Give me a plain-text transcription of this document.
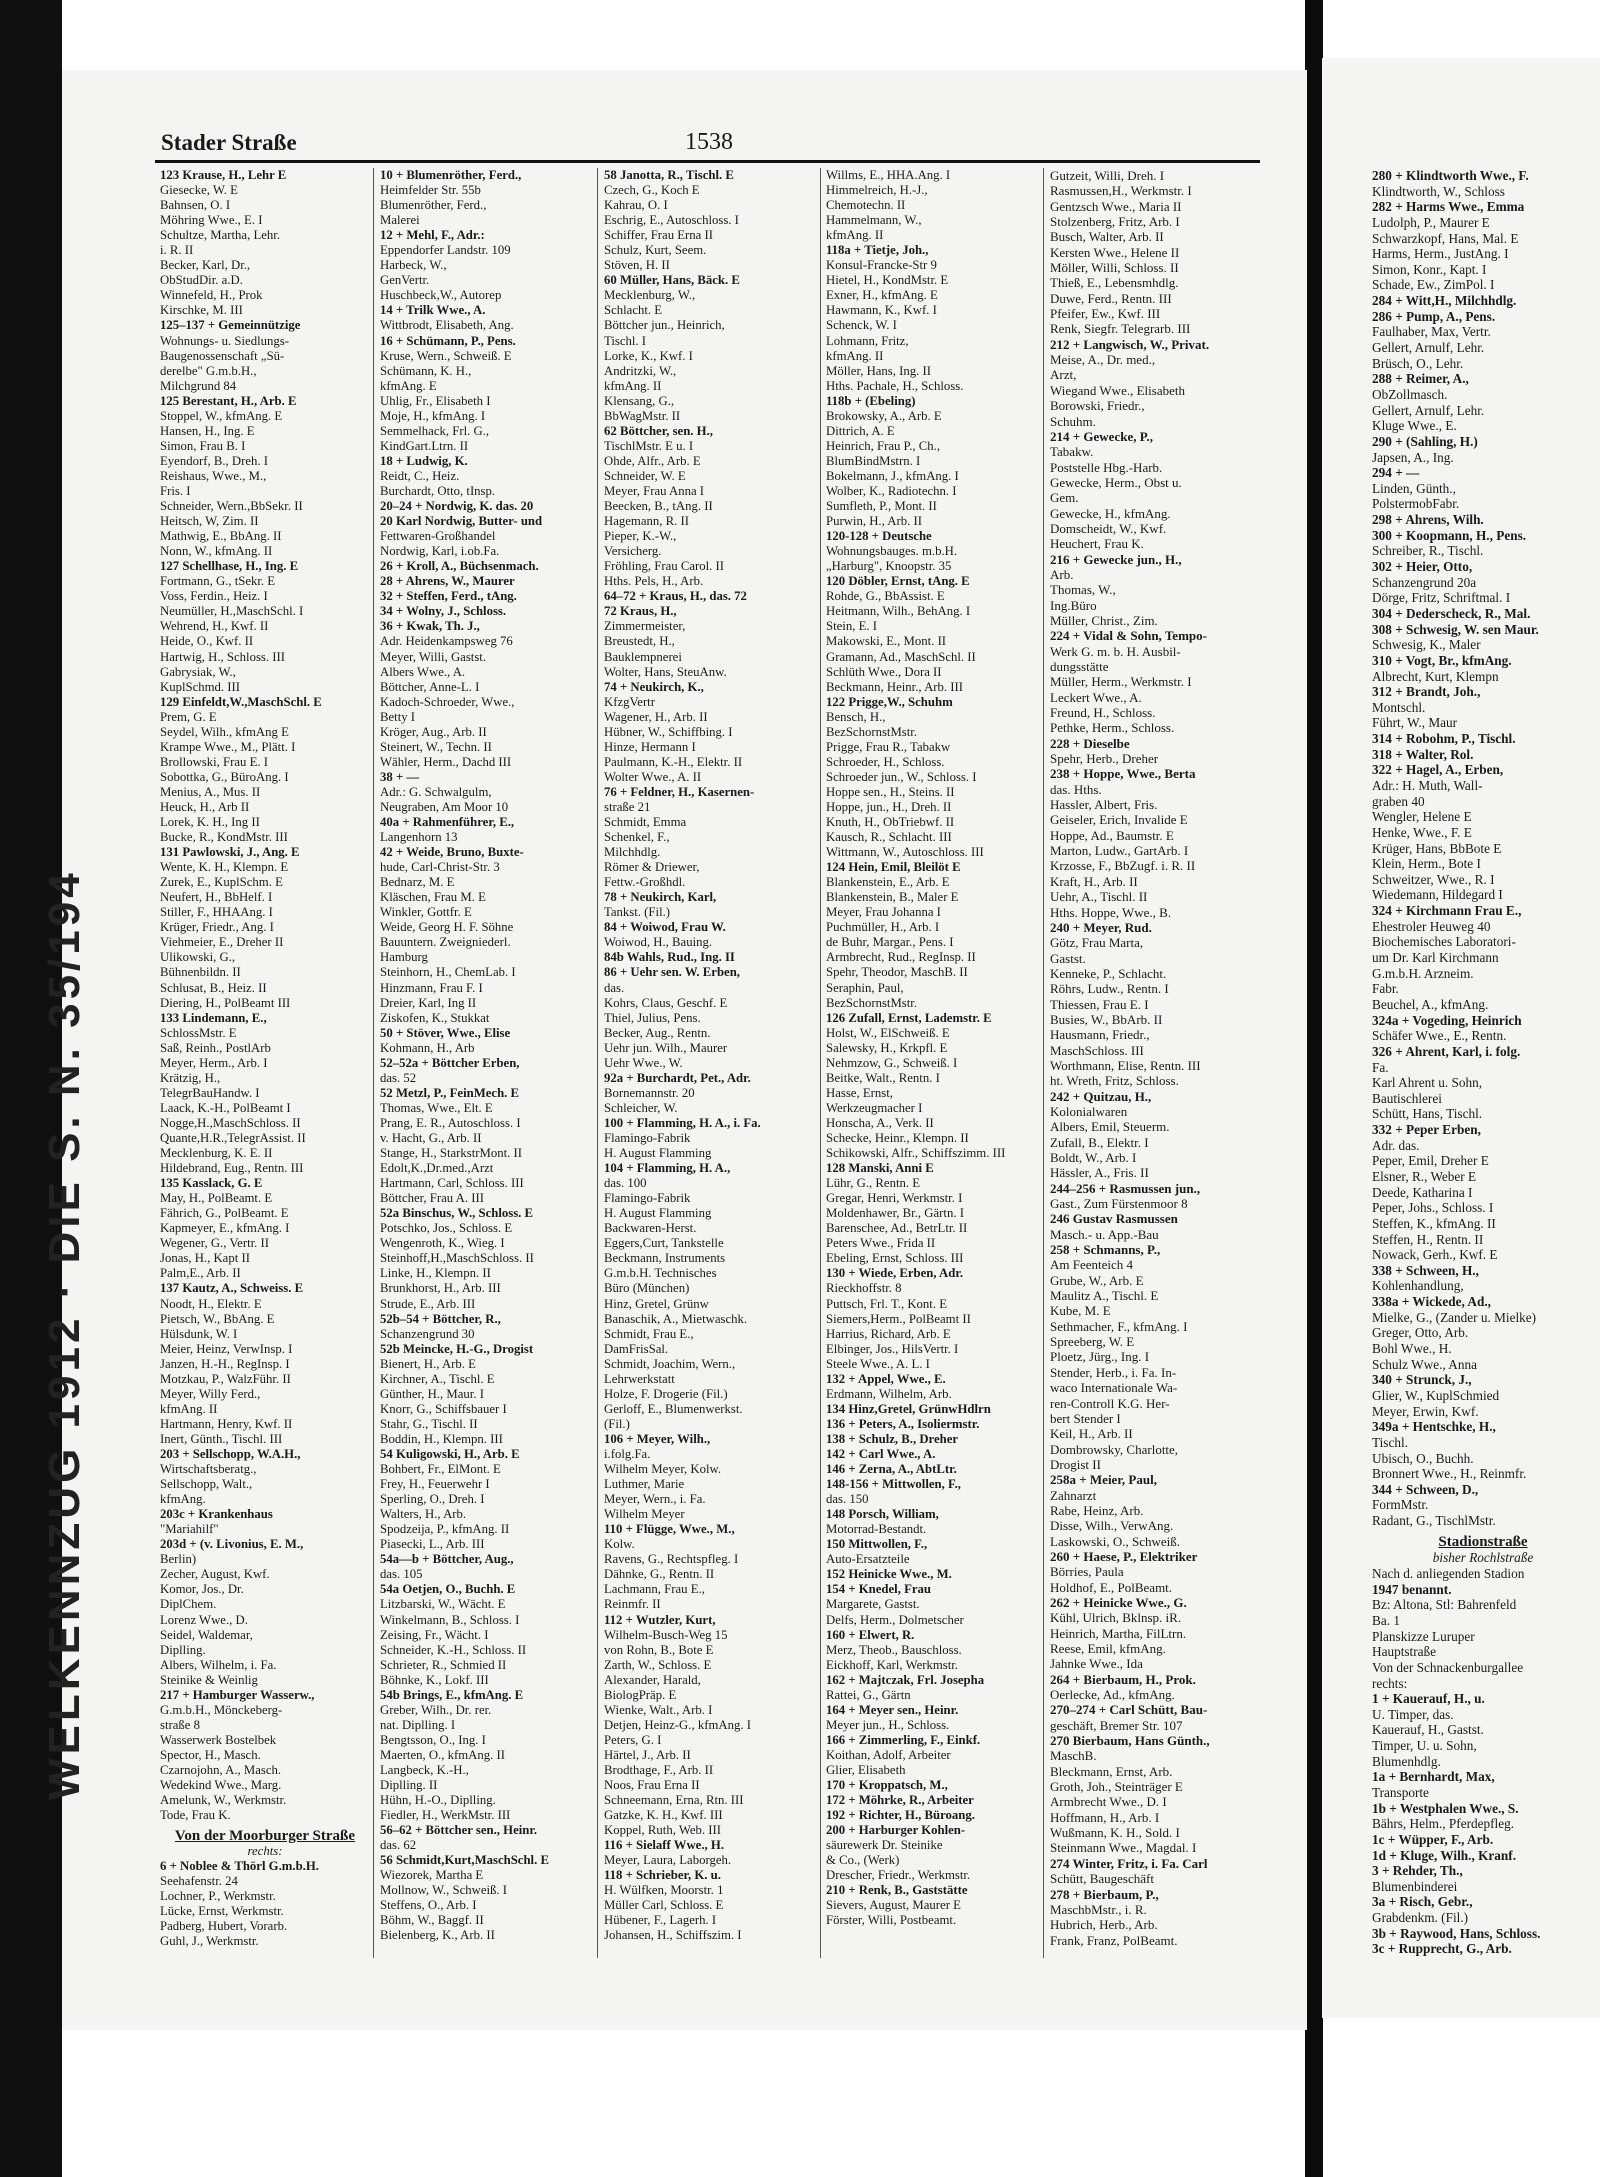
WELKENNZUG 1912 · DIE S. N. 35/194
Stader Straße	1538
123 Krause, H., Lehr E
Giesecke, W. E
Bahnsen, O. I
Möhring Wwe., E. I
Schultze, Martha, Lehr.
i. R. II
Becker, Karl, Dr.,
ObStudDir. a.D.
Winnefeld, H., Prok
Kirschke, M. III
125–137 + Gemeinnützige
Wohnungs- u. Siedlungs-
Baugenossenschaft „Sü-
derelbe" G.m.b.H.,
Milchgrund 84
125 Berestant, H., Arb. E
Stoppel, W., kfmAng. E
Hansen, H., Ing. E
Simon, Frau B. I
Eyendorf, B., Dreh. I
Reishaus, Wwe., M.,
Fris. I
Schneider, Wern.,BbSekr. II
Heitsch, W, Zim. II
Mathwig, E., BbAng. II
Nonn, W., kfmAng. II
127 Schellhase, H., Ing. E
Fortmann, G., tSekr. E
Voss, Ferdin., Heiz. I
Neumüller, H.,MaschSchl. I
Wehrend, H., Kwf. II
Heide, O., Kwf. II
Hartwig, H., Schloss. III
Gabrysiak, W.,
KuplSchmd. III
129 Einfeldt,W.,MaschSchl. E
Prem, G. E
Seydel, Wilh., kfmAng E
Krampe Wwe., M., Plätt. I
Brollowski, Frau E. I
Sobottka, G., BüroAng. I
Menius, A., Mus. II
Heuck, H., Arb II
Lorek, K. H., Ing II
Bucke, R., KondMstr. III
131 Pawlowski, J., Ang. E
Wente, K. H., Klempn. E
Zurek, E., KuplSchm. E
Neufert, H., BbHelf. I
Stiller, F., HHAAng. I
Krüger, Friedr., Ang. I
Viehmeier, E., Dreher II
Ulikowski, G.,
Bühnenbildn. II
Schlusat, B., Heiz. II
Diering, H., PolBeamt III
133 Lindemann, E.,
SchlossMstr. E
Saß, Reinh., PostlArb
Meyer, Herm., Arb. I
Krätzig, H.,
TelegrBauHandw. I
Laack, K.-H., PolBeamt I
Nogge,H.,MaschSchloss. II
Quante,H.R.,TelegrAssist. II
Mecklenburg, K. E. II
Hildebrand, Eug., Rentn. III
135 Kasslack, G. E
May, H., PolBeamt. E
Fährich, G., PolBeamt. E
Kapmeyer, E., kfmAng. I
Wegener, G., Vertr. II
Jonas, H., Kapt II
Palm,E., Arb. II
137 Kautz, A., Schweiss. E
Noodt, H., Elektr. E
Pietsch, W., BbAng. E
Hülsdunk, W. I
Meier, Heinz, VerwInsp. I
Janzen, H.-H., RegInsp. I
Motzkau, P., WalzFühr. II
Meyer, Willy Ferd.,
kfmAng. II
Hartmann, Henry, Kwf. II
Inert, Günth., Tischl. III
203 + Sellschopp, W.A.H.,
Wirtschaftsberatg.,
Sellschopp, Walt.,
kfmAng.
203c + Krankenhaus
"Mariahilf"
203d + (v. Livonius, E. M.,
Berlin)
Zecher, August, Kwf.
Komor, Jos., Dr.
DiplChem.
Lorenz Wwe., D.
Seidel, Waldemar,
Diplling.
Albers, Wilhelm, i. Fa.
Steinike & Weinlig
217 + Hamburger Wasserw.,
G.m.b.H., Mönckeberg-
straße 8
Wasserwerk Bostelbek
Spector, H., Masch.
Czarnojohn, A., Masch.
Wedekind Wwe., Marg.
Amelunk, W., Werkmstr.
Tode, Frau K.
Von der Moorburger Straße
rechts:
6 + Noblee & Thörl G.m.b.H.
Seehafenstr. 24
Lochner, P., Werkmstr.
Lücke, Ernst, Werkmstr.
Padberg, Hubert, Vorarb.
Guhl, J., Werkmstr.
10 + Blumenröther, Ferd.,
Heimfelder Str. 55b
Blumenröther, Ferd.,
Malerei
12 + Mehl, F., Adr.:
Eppendorfer Landstr. 109
Harbeck, W.,
GenVertr.
Huschbeck,W., Autorep
14 + Trilk Wwe., A.
Wittbrodt, Elisabeth, Ang.
16 + Schümann, P., Pens.
Kruse, Wern., Schweiß. E
Schümann, K. H.,
kfmAng. E
Uhlig, Fr., Elisabeth I
Moje, H., kfmAng. I
Semmelhack, Frl. G.,
KindGart.Ltrn. II
18 + Ludwig, K.
Reidt, C., Heiz.
Burchardt, Otto, tInsp.
20–24 + Nordwig, K. das. 20
20 Karl Nordwig, Butter- und
Fettwaren-Großhandel
Nordwig, Karl, i.ob.Fa.
26 + Kroll, A., Büchsenmach.
28 + Ahrens, W., Maurer
32 + Steffen, Ferd., tAng.
34 + Wolny, J., Schloss.
36 + Kwak, Th. J.,
Adr. Heidenkampsweg 76
Meyer, Willi, Gastst.
Albers Wwe., A.
Böttcher, Anne-L. I
Kadoch-Schroeder, Wwe.,
Betty I
Kröger, Aug., Arb. II
Steinert, W., Techn. II
Wähler, Herm., Dachd III
38 + —
Adr.: G. Schwalgulm,
Neugraben, Am Moor 10
40a + Rahmenführer, E.,
Langenhorn 13
42 + Weide, Bruno, Buxte-
hude, Carl-Christ-Str. 3
Bednarz, M. E
Kläschen, Frau M. E
Winkler, Gottfr. E
Weide, Georg H. F. Söhne
Bauuntern. Zweigniederl.
Hamburg
Steinhorn, H., ChemLab. I
Hinzmann, Frau F. I
Dreier, Karl, Ing II
Ziskofen, K., Stukkat
50 + Stöver, Wwe., Elise
Kohmann, H., Arb
52–52a + Böttcher Erben,
das. 52
52 Metzl, P., FeinMech. E
Thomas, Wwe., Elt. E
Prang, E. R., Autoschloss. I
v. Hacht, G., Arb. II
Stange, H., StarkstrMont. II
Edolt,K.,Dr.med.,Arzt
Hartmann, Carl, Schloss. III
Böttcher, Frau A. III
52a Binschus, W., Schloss. E
Potschko, Jos., Schloss. E
Wengenroth, K., Wieg. I
Steinhoff,H.,MaschSchloss. II
Linke, H., Klempn. II
Brunkhorst, H., Arb. III
Strude, E., Arb. III
52b–54 + Böttcher, R.,
Schanzengrund 30
52b Meincke, H.-G., Drogist
Bienert, H., Arb. E
Kirchner, A., Tischl. E
Günther, H., Maur. I
Knorr, G., Schiffsbauer I
Stahr, G., Tischl. II
Boddin, H., Klempn. III
54 Kuligowski, H., Arb. E
Bohbert, Fr., ElMont. E
Frey, H., Feuerwehr I
Sperling, O., Dreh. I
Walters, H., Arb.
Spodzeija, P., kfmAng. II
Piasecki, L., Arb. III
54a—b + Böttcher, Aug.,
das. 105
54a Oetjen, O., Buchh. E
Litzbarski, W., Wächt. E
Winkelmann, B., Schloss. I
Zeising, Fr., Wächt. I
Schneider, K.-H., Schloss. II
Schrieter, R., Schmied II
Böhnke, K., Lokf. III
54b Brings, E., kfmAng. E
Greber, Wilh., Dr. rer.
nat. Diplling. I
Bengtsson, O., Ing. I
Maerten, O., kfmAng. II
Langbeck, K.-H.,
Diplling. II
Hühn, H.-O., Diplling.
Fiedler, H., WerkMstr. III
56–62 + Böttcher sen., Heinr.
das. 62
56 Schmidt,Kurt,MaschSchl. E
Wiezorek, Martha E
Mollnow, W., Schweiß. I
Steffens, O., Arb. I
Böhm, W., Baggf. II
Bielenberg, K., Arb. II
58 Janotta, R., Tischl. E
Czech, G., Koch E
Kahrau, O. I
Eschrig, E., Autoschloss. I
Schiffer, Frau Erna II
Schulz, Kurt, Seem.
Stöven, H. II
60 Müller, Hans, Bäck. E
Mecklenburg, W.,
Schlacht. E
Böttcher jun., Heinrich,
Tischl. I
Lorke, K., Kwf. I
Andritzki, W.,
kfmAng. II
Klensang, G.,
BbWagMstr. II
62 Böttcher, sen. H.,
TischlMstr. E u. I
Ohde, Alfr., Arb. E
Schneider, W. E
Meyer, Frau Anna I
Beecken, B., tAng. II
Hagemann, R. II
Pieper, K.-W.,
Versicherg.
Fröhling, Frau Carol. II
Hths. Pels, H., Arb.
64–72 + Kraus, H., das. 72
72 Kraus, H.,
Zimmermeister,
Breustedt, H.,
Bauklempnerei
Wolter, Hans, SteuAnw.
74 + Neukirch, K.,
KfzgVertr
Wagener, H., Arb. II
Hübner, W., Schiffbing. I
Hinze, Hermann I
Paulmann, K.-H., Elektr. II
Wolter Wwe., A. II
76 + Feldner, H., Kasernen-
straße 21
Schmidt, Emma
Schenkel, F.,
Milchhdlg.
Römer & Driewer,
Fettw.-Großhdl.
78 + Neukirch, Karl,
Tankst. (Fil.)
84 + Woiwod, Frau W.
Woiwod, H., Bauing.
84b Wahls, Rud., Ing. II
86 + Uehr sen. W. Erben,
das.
Kohrs, Claus, Geschf. E
Thiel, Julius, Pens.
Becker, Aug., Rentn.
Uehr jun. Wilh., Maurer
Uehr Wwe., W.
92a + Burchardt, Pet., Adr.
Bornemannstr. 20
Schleicher, W.
100 + Flamming, H. A., i. Fa.
Flamingo-Fabrik
H. August Flamming
104 + Flamming, H. A.,
das. 100
Flamingo-Fabrik
H. August Flamming
Backwaren-Herst.
Eggers,Curt, Tankstelle
Beckmann, Instruments
G.m.b.H. Technisches
Büro (München)
Hinz, Gretel, Grünw
Banaschik, A., Mietwaschk.
Schmidt, Frau E.,
DamFrisSal.
Schmidt, Joachim, Wern.,
Lehrwerkstatt
Holze, F. Drogerie (Fil.)
Gerloff, E., Blumenwerkst.
(Fil.)
106 + Meyer, Wilh.,
i.folg.Fa.
Wilhelm Meyer, Kolw.
Luthmer, Marie
Meyer, Wern., i. Fa.
Wilhelm Meyer
110 + Flügge, Wwe., M.,
Kolw.
Ravens, G., Rechtspfleg. I
Dähnke, G., Rentn. II
Lachmann, Frau E.,
Reinmfr. II
112 + Wutzler, Kurt,
Wilhelm-Busch-Weg 15
von Rohn, B., Bote E
Zarth, W., Schloss. E
Alexander, Harald,
BiologPräp. E
Wienke, Walt., Arb. I
Detjen, Heinz-G., kfmAng. I
Peters, G. I
Härtel, J., Arb. II
Brodthage, F., Arb. II
Noos, Frau Erna II
Schneemann, Erna, Rtn. III
Gatzke, K. H., Kwf. III
Koppel, Ruth, Web. III
116 + Sielaff Wwe., H.
Meyer, Laura, Laborgeh.
118 + Schrieber, K. u.
H. Wülfken, Moorstr. 1
Müller Carl, Schloss. E
Hübener, F., Lagerh. I
Johansen, H., Schiffszim. I
Willms, E., HHA.Ang. I
Himmelreich, H.-J.,
Chemotechn. II
Hammelmann, W.,
kfmAng. II
118a + Tietje, Joh.,
Konsul-Francke-Str 9
Hietel, H., KondMstr. E
Exner, H., kfmAng. E
Hawmann, K., Kwf. I
Schenck, W. I
Lohmann, Fritz,
kfmAng. II
Möller, Hans, Ing. II
Hths. Pachale, H., Schloss.
118b + (Ebeling)
Brokowsky, A., Arb. E
Dittrich, A. E
Heinrich, Frau P., Ch.,
BlumBindMstrn. I
Bokelmann, J., kfmAng. I
Wolber, K., Radiotechn. I
Sumfleth, P., Mont. II
Purwin, H., Arb. II
120-128 + Deutsche
Wohnungsbauges. m.b.H.
„Harburg", Knoopstr. 35
120 Döbler, Ernst, tAng. E
Rohde, G., BbAssist. E
Heitmann, Wilh., BehAng. I
Stein, E. I
Makowski, E., Mont. II
Gramann, Ad., MaschSchl. II
Schlüth Wwe., Dora II
Beckmann, Heinr., Arb. III
122 Prigge,W., Schuhm
Bensch, H.,
BezSchornstMstr.
Prigge, Frau R., Tabakw
Schroeder, H., Schloss.
Schroeder jun., W., Schloss. I
Hoppe sen., H., Steins. II
Hoppe, jun., H., Dreh. II
Knuth, H., ObTriebwf. II
Kausch, R., Schlacht. III
Wittmann, W., Autoschloss. III
124 Hein, Emil, Bleilöt E
Blankenstein, E., Arb. E
Blankenstein, B., Maler E
Meyer, Frau Johanna I
Puchmüller, H., Arb. I
de Buhr, Margar., Pens. I
Armbrecht, Rud., RegInsp. II
Spehr, Theodor, MaschB. II
Seraphin, Paul,
BezSchornstMstr.
126 Zufall, Ernst, Lademstr. E
Holst, W., ElSchweiß. E
Salewsky, H., Krkpfl. E
Nehmzow, G., Schweiß. I
Beitke, Walt., Rentn. I
Hasse, Ernst,
Werkzeugmacher I
Honscha, A., Verk. II
Schecke, Heinr., Klempn. II
Schikowski, Alfr., Schiffszimm. III
128 Manski, Anni E
Lühr, G., Rentn. E
Gregar, Henri, Werkmstr. I
Moldenhawer, Br., Gärtn. I
Barenschee, Ad., BetrLtr. II
Peters Wwe., Frida II
Ebeling, Ernst, Schloss. III
130 + Wiede, Erben, Adr.
Rieckhoffstr. 8
Puttsch, Frl. T., Kont. E
Siemers,Herm., PolBeamt II
Harrius, Richard, Arb. E
Elbinger, Jos., HilsVertr. I
Steele Wwe., A. L. I
132 + Appel, Wwe., E.
Erdmann, Wilhelm, Arb.
134 Hinz,Gretel, GrünwHdlrn
136 + Peters, A., Isoliermstr.
138 + Schulz, B., Dreher
142 + Carl Wwe., A.
146 + Zerna, A., AbtLtr.
148-156 + Mittwollen, F.,
das. 150
148 Porsch, William,
Motorrad-Bestandt.
150 Mittwollen, F.,
Auto-Ersatzteile
152 Heinicke Wwe., M.
154 + Knedel, Frau
Margarete, Gastst.
Delfs, Herm., Dolmetscher
160 + Elwert, R.
Merz, Theob., Bauschloss.
Eickhoff, Karl, Werkmstr.
162 + Majtczak, Frl. Josepha
Rattei, G., Gärtn
164 + Meyer sen., Heinr.
Meyer jun., H., Schloss.
166 + Zimmerling, F., Einkf.
Koithan, Adolf, Arbeiter
Glier, Elisabeth
170 + Kroppatsch, M.,
172 + Möhrke, R., Arbeiter
192 + Richter, H., Büroang.
200 + Harburger Kohlen-
säurewerk Dr. Steinike
& Co., (Werk)
Drescher, Friedr., Werkmstr.
210 + Renk, B., Gaststätte
Sievers, August, Maurer E
Förster, Willi, Postbeamt.
Gutzeit, Willi, Dreh. I
Rasmussen,H., Werkmstr. I
Gentzsch Wwe., Maria II
Stolzenberg, Fritz, Arb. I
Busch, Walter, Arb. II
Kersten Wwe., Helene II
Möller, Willi, Schloss. II
Thieß, E., Lebensmhdlg.
Duwe, Ferd., Rentn. III
Pfeifer, Ew., Kwf. III
Renk, Siegfr. Telegrarb. III
212 + Langwisch, W., Privat.
Meise, A., Dr. med.,
Arzt,
Wiegand Wwe., Elisabeth
Borowski, Friedr.,
Schuhm.
214 + Gewecke, P.,
Tabakw.
Poststelle Hbg.-Harb.
Gewecke, Herm., Obst u.
Gem.
Gewecke, H., kfmAng.
Domscheidt, W., Kwf.
Heuchert, Frau K.
216 + Gewecke jun., H.,
Arb.
Thomas, W.,
Ing.Büro
Müller, Christ., Zim.
224 + Vidal & Sohn, Tempo-
Werk G. m. b. H. Ausbil-
dungsstätte
Müller, Herm., Werkmstr. I
Leckert Wwe., A.
Freund, H., Schloss.
Pethke, Herm., Schloss.
228 + Dieselbe
Spehr, Herb., Dreher
238 + Hoppe, Wwe., Berta
das. Hths.
Hassler, Albert, Fris.
Geiseler, Erich, Invalide E
Hoppe, Ad., Baumstr. E
Marton, Ludw., GartArb. I
Krzosse, F., BbZugf. i. R. II
Kraft, H., Arb. II
Uehr, A., Tischl. II
Hths. Hoppe, Wwe., B.
240 + Meyer, Rud.
Götz, Frau Marta,
Gastst.
Kenneke, P., Schlacht.
Röhrs, Ludw., Rentn. I
Thiessen, Frau E. I
Busies, W., BbArb. II
Hausmann, Friedr.,
MaschSchloss. III
Worthmann, Elise, Rentn. III
ht. Wreth, Fritz, Schloss.
242 + Quitzau, H.,
Kolonialwaren
Albers, Emil, Steuerm.
Zufall, B., Elektr. I
Boldt, W., Arb. I
Hässler, A., Fris. II
244–256 + Rasmussen jun.,
Gast., Zum Fürstenmoor 8
246 Gustav Rasmussen
Masch.- u. App.-Bau
258 + Schmanns, P.,
Am Feenteich 4
Grube, W., Arb. E
Maulitz A., Tischl. E
Kube, M. E
Sethmacher, F., kfmAng. I
Spreeberg, W. E
Ploetz, Jürg., Ing. I
Stender, Herb., i. Fa. In-
waco Internationale Wa-
ren-Controll K.G. Her-
bert Stender I
Keil, H., Arb. II
Dombrowsky, Charlotte,
Drogist II
258a + Meier, Paul,
Zahnarzt
Rabe, Heinz, Arb.
Disse, Wilh., VerwAng.
Laskowski, O., Schweiß.
260 + Haese, P., Elektriker
Börries, Paula
Holdhof, E., PolBeamt.
262 + Heinicke Wwe., G.
Kühl, Ulrich, Bklnsp. iR.
Heinrich, Martha, FilLtrn.
Reese, Emil, kfmAng.
Jahnke Wwe., Ida
264 + Bierbaum, H., Prok.
Oerlecke, Ad., kfmAng.
270–274 + Carl Schütt, Bau-
geschäft, Bremer Str. 107
270 Bierbaum, Hans Günth.,
MaschB.
Bleckmann, Ernst, Arb.
Groth, Joh., Steinträger E
Armbrecht Wwe., D. I
Hoffmann, H., Arb. I
Wußmann, K. H., Sold. I
Steinmann Wwe., Magdal. I
274 Winter, Fritz, i. Fa. Carl
Schütt, Baugeschäft
278 + Bierbaum, P.,
MaschbMstr., i. R.
Hubrich, Herb., Arb.
Frank, Franz, PolBeamt.
280 + Klindtworth Wwe., F.
Klindtworth, W., Schloss
282 + Harms Wwe., Emma
Ludolph, P., Maurer E
Schwarzkopf, Hans, Mal. E
Harms, Herm., JustAng. I
Simon, Konr., Kapt. I
Schade, Ew., ZimPol. I
284 + Witt,H., Milchhdlg.
286 + Pump, A., Pens.
Faulhaber, Max, Vertr.
Gellert, Arnulf, Lehr.
Brüsch, O., Lehr.
288 + Reimer, A.,
ObZollmasch.
Gellert, Arnulf, Lehr.
Kluge Wwe., E.
290 + (Sahling, H.)
Japsen, A., Ing.
294 + —
Linden, Günth.,
PolstermobFabr.
298 + Ahrens, Wilh.
300 + Koopmann, H., Pens.
Schreiber, R., Tischl.
302 + Heier, Otto,
Schanzengrund 20a
Dörge, Fritz, Schriftmal. I
304 + Dederscheck, R., Mal.
308 + Schwesig, W. sen Maur.
Schwesig, K., Maler
310 + Vogt, Br., kfmAng.
Albrecht, Kurt, Klempn
312 + Brandt, Joh.,
Montschl.
Führt, W., Maur
314 + Robohm, P., Tischl.
318 + Walter, Rol.
322 + Hagel, A., Erben,
Adr.: H. Muth, Wall-
graben 40
Wengler, Helene E
Henke, Wwe., F. E
Krüger, Hans, BbBote E
Klein, Herm., Bote I
Schweitzer, Wwe., R. I
Wiedemann, Hildegard I
324 + Kirchmann Frau E.,
Ehestroler Heuweg 40
Biochemisches Laboratori-
um Dr. Karl Kirchmann
G.m.b.H. Arzneim.
Fabr.
Beuchel, A., kfmAng.
324a + Vogeding, Heinrich
Schäfer Wwe., E., Rentn.
326 + Ahrent, Karl, i. folg.
Fa.
Karl Ahrent u. Sohn,
Bautischlerei
Schütt, Hans, Tischl.
332 + Peper Erben,
Adr. das.
Peper, Emil, Dreher E
Elsner, R., Weber E
Deede, Katharina I
Peper, Johs., Schloss. I
Steffen, K., kfmAng. II
Steffen, H., Rentn. II
Nowack, Gerh., Kwf. E
338 + Schween, H.,
Kohlenhandlung,
338a + Wickede, Ad.,
Mielke, G., (Zander u. Mielke)
Greger, Otto, Arb.
Bohl Wwe., H.
Schulz Wwe., Anna
340 + Strunck, J.,
Glier, W., KuplSchmied
Meyer, Erwin, Kwf.
349a + Hentschke, H.,
Tischl.
Ubisch, O., Buchh.
Bronnert Wwe., H., Reinmfr.
344 + Schween, D.,
FormMstr.
Radant, G., TischlMstr.
Stadionstraße
bisher Rochlstraße
Nach d. anliegenden Stadion
1947 benannt.
Bz: Altona, Stl: Bahrenfeld
Ba. 1
Planskizze Luruper
Hauptstraße
Von der Schnackenburgallee
rechts:
1 + Kauerauf, H., u.
U. Timper, das.
Kauerauf, H., Gastst.
Timper, U. u. Sohn,
Blumenhdlg.
1a + Bernhardt, Max,
Transporte
1b + Westphalen Wwe., S.
Bährs, Helm., Pferdepfleg.
1c + Wüpper, F., Arb.
1d + Kluge, Wilh., Kranf.
3 + Rehder, Th.,
Blumenbinderei
3a + Risch, Gebr.,
Grabdenkm. (Fil.)
3b + Raywood, Hans, Schloss.
3c + Rupprecht, G., Arb.
